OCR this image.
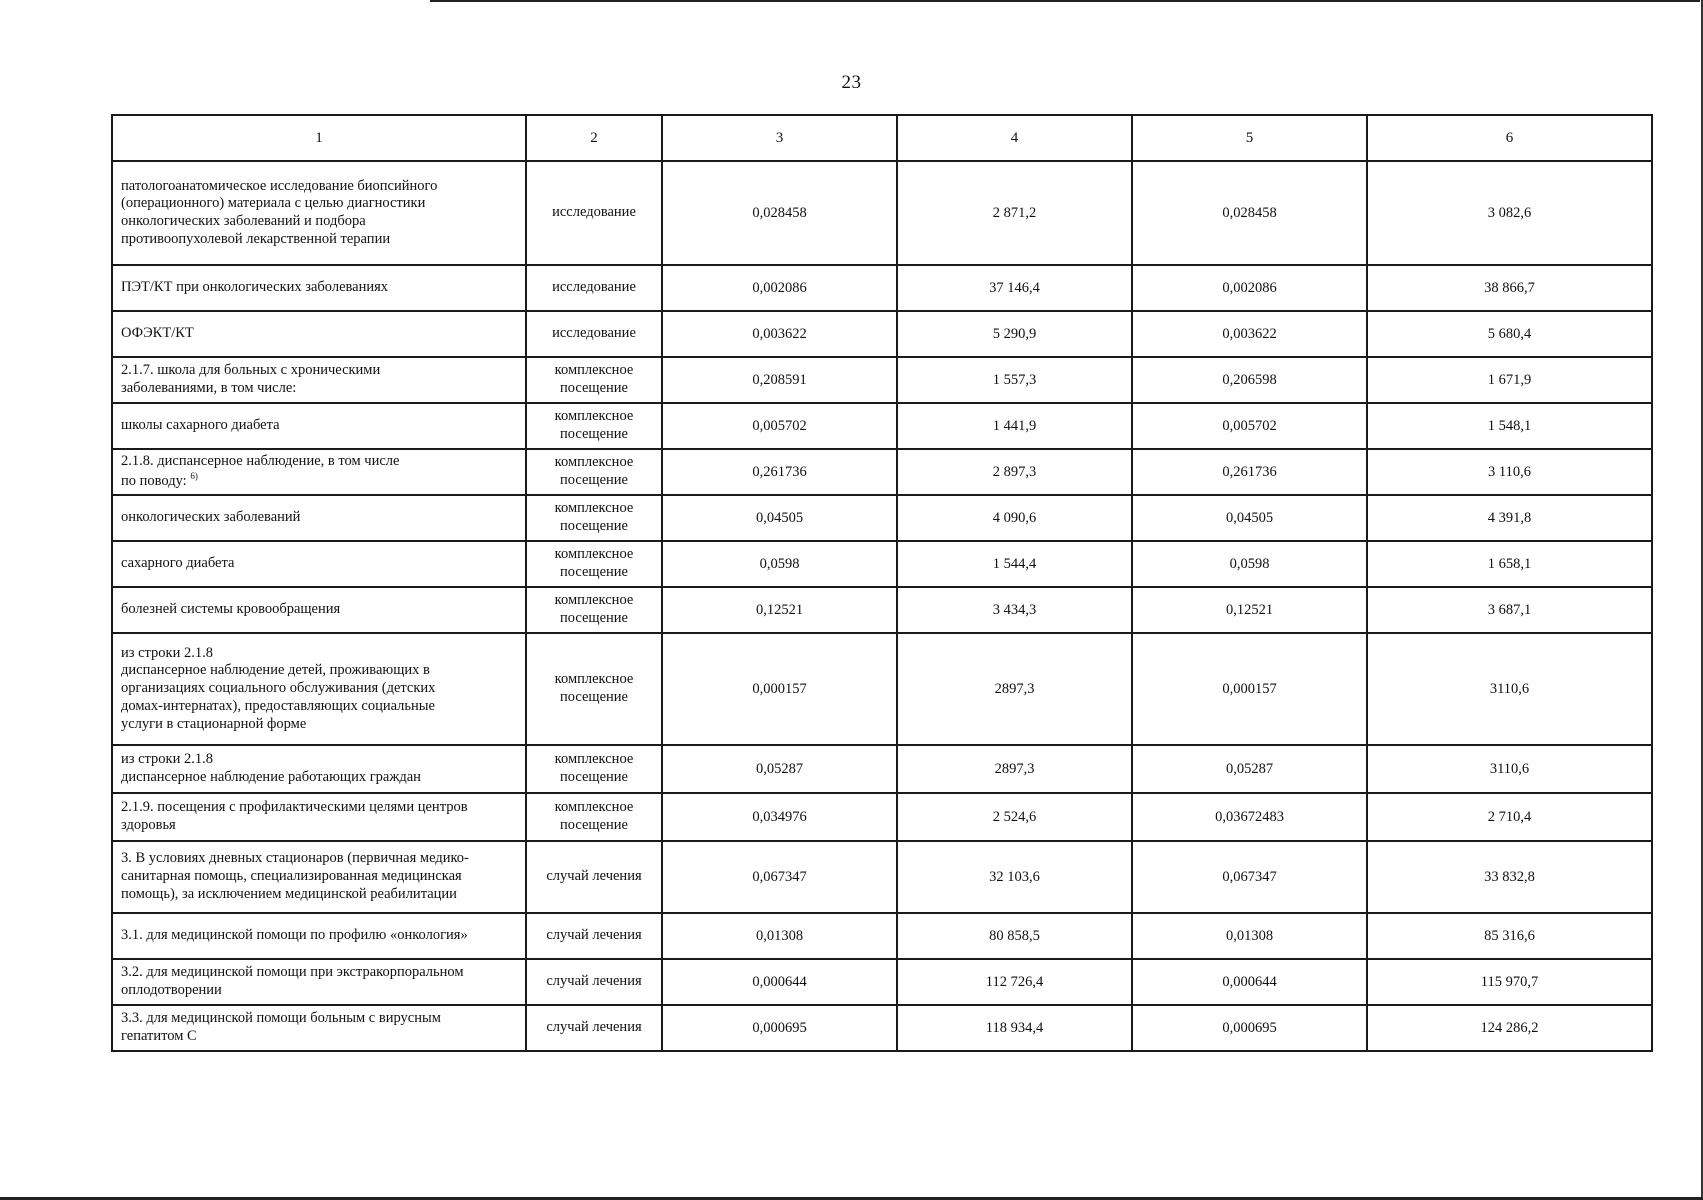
23
1	2	3	4	5	6

патологоанатомическое исследование биопсийного
(операционного) материала с целью диагностики
онкологических заболеваний и подбора
противоопухолевой лекарственной терапии	исследование	0,028458	2 871,2	0,028458	3 082,6

ПЭТ/КТ при онкологических заболеваниях	исследование	0,002086	37 146,4	0,002086	38 866,7

ОФЭКТ/КТ	исследование	0,003622	5 290,9	0,003622	5 680,4

2.1.7. школа для больных с хроническими
заболеваниями, в том числе:	комплексное
посещение	0,208591	1 557,3	0,206598	1 671,9

школы сахарного диабета	комплексное
посещение	0,005702	1 441,9	0,005702	1 548,1

2.1.8. диспансерное наблюдение, в том числе
по поводу: $^{6)}$	комплексное
посещение	0,261736	2 897,3	0,261736	3 110,6

онкологических заболеваний	комплексное
посещение	0,04505	4 090,6	0,04505	4 391,8

сахарного диабета	комплексное
посещение	0,0598	1 544,4	0,0598	1 658,1

болезней системы кровообращения	комплексное
посещение	0,12521	3 434,3	0,12521	3 687,1

из строки 2.1.8
диспансерное наблюдение детей, проживающих в
организациях социального обслуживания (детских
домах-интернатах), предоставляющих социальные
услуги в стационарной форме	комплексное
посещение	0,000157	2897,3	0,000157	3110,6

из строки 2.1.8
диспансерное наблюдение работающих граждан	комплексное
посещение	0,05287	2897,3	0,05287	3110,6

2.1.9. посещения с профилактическими целями центров
здоровья	комплексное
посещение	0,034976	2 524,6	0,03672483	2 710,4

3. В условиях дневных стационаров (первичная медико-
санитарная помощь, специализированная медицинская
помощь), за исключением медицинской реабилитации	случай лечения	0,067347	32 103,6	0,067347	33 832,8

3.1. для медицинской помощи по профилю «онкология»	случай лечения	0,01308	80 858,5	0,01308	85 316,6

3.2. для медицинской помощи при экстракорпоральном
оплодотворении	случай лечения	0,000644	112 726,4	0,000644	115 970,7

3.3. для медицинской помощи больным с вирусным
гепатитом С	случай лечения	0,000695	118 934,4	0,000695	124 286,2
